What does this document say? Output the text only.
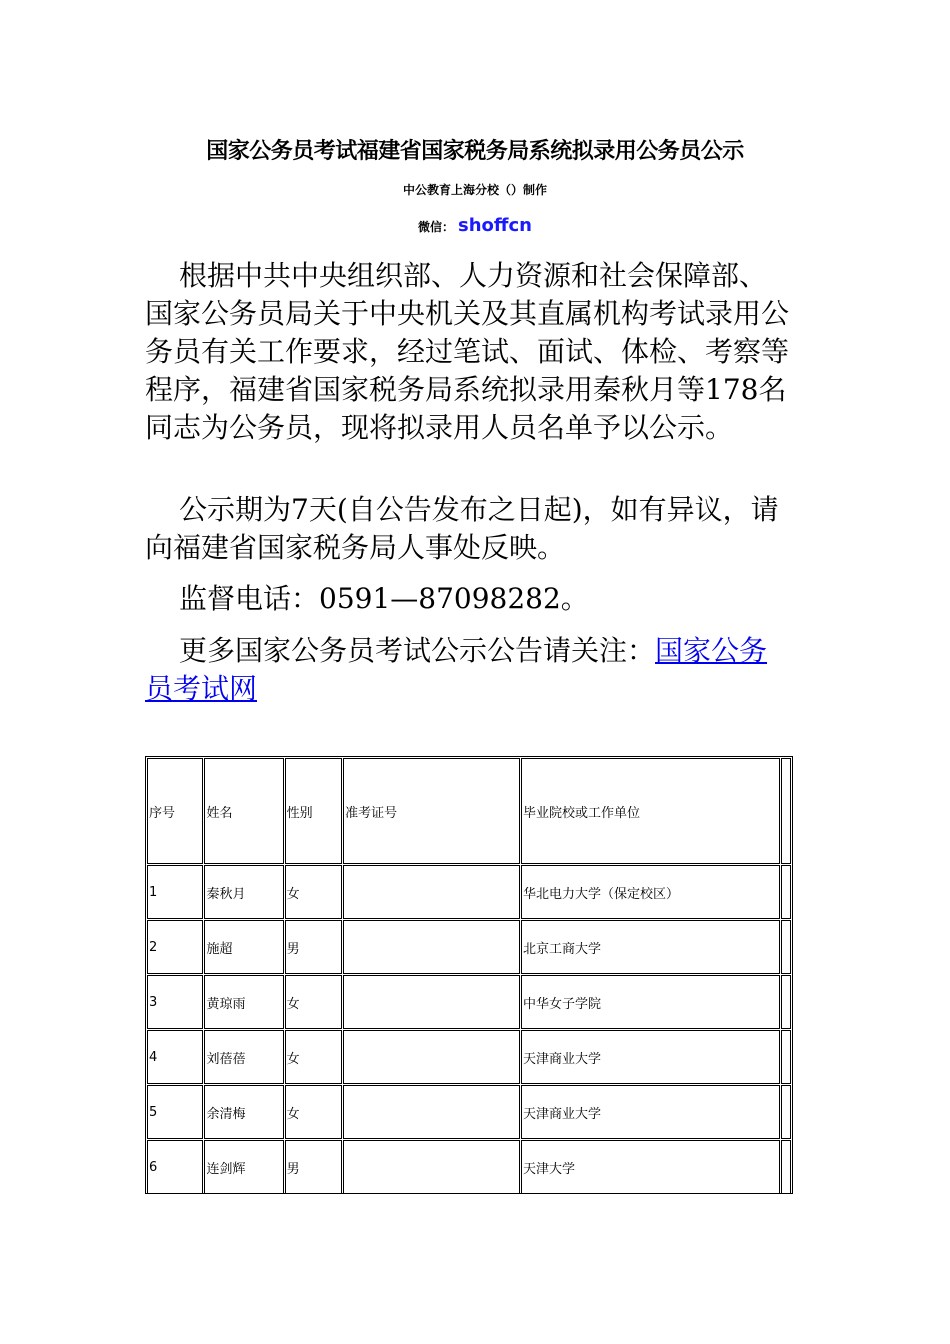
国家公务员考试福建省国家税务局系统拟录用公务员公示
中公教育上海分校（）制作
微信： shoffcn

根据中共中央组织部、人力资源和社会保障部、国家公务员局关于中央机关及其直属机构考试录用公务员有关工作要求，经过笔试、面试、体检、考察等程序，福建省国家税务局系统拟录用秦秋月等178名同志为公务员，现将拟录用人员名单予以公示。

公示期为7天(自公告发布之日起)，如有异议，请向福建省国家税务局人事处反映。

监督电话：0591—87098282。

更多国家公务员考试公示公告请关注：国家公务员考试网

序号	姓名	性别	准考证号	毕业院校或工作单位	
1	秦秋月	女		华北电力大学（保定校区）	
2	施超	男		北京工商大学	
3	黄琼雨	女		中华女子学院	
4	刘蓓蓓	女		天津商业大学	
5	余清梅	女		天津商业大学	
6	连剑辉	男		天津大学	
